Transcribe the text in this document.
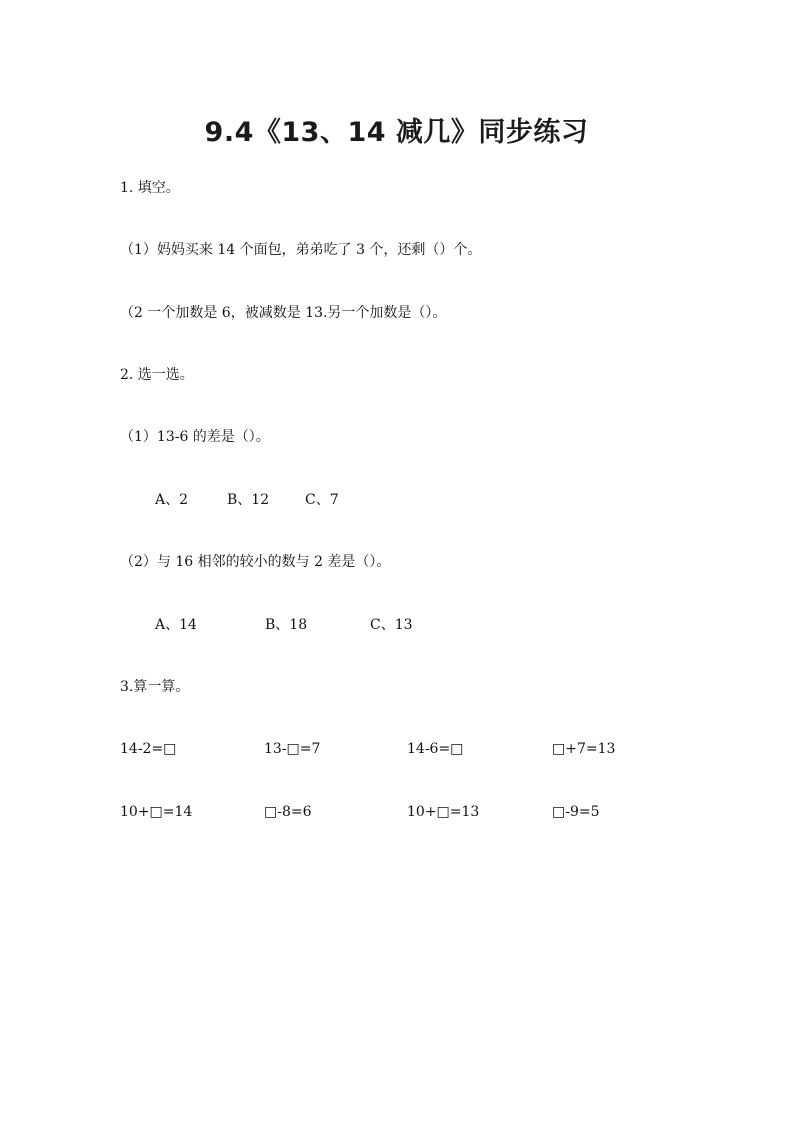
9.4《13、14 减几》同步练习
1. 填空。
（1）妈妈买来 14 个面包，弟弟吃了 3 个，还剩（）个。
（2 一个加数是 6，被减数是 13.另一个加数是（）。
2. 选一选。
（1）13-6 的差是（）。
A、2	B、12	C、7
（2）与 16 相邻的较小的数与 2 差是（）。
A、14	B、18	C、13
3.算一算。
14-2=□	13-□=7	14-6=□	□+7=13
10+□=14	□-8=6	10+□=13	□-9=5
